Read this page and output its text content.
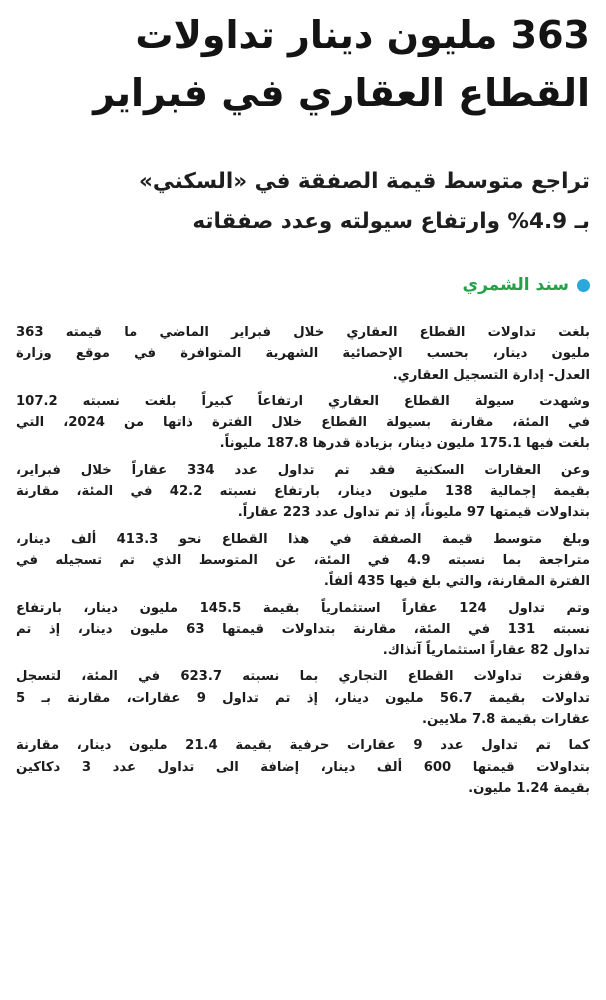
363 مليون دينار تداولات
القطاع العقاري في فبراير
تراجع متوسط قيمة الصفقة في «السكني»
بـ 4.9% وارتفاع سيولته وعدد صفقاته
سند الشمري
بلغت تداولات القطاع العقاري خلال فبراير الماضي ما قيمته 363
مليون دينار، بحسب الإحصائية الشهرية المتوافرة في موقع وزارة
العدل- إدارة التسجيل العقاري.
وشهدت سيولة القطاع العقاري ارتفاعاً كبيراً بلغت نسبته 107.2
في المئة، مقارنة بسيولة القطاع خلال الفترة ذاتها من 2024، التي
بلغت فيها 175.1 مليون دينار، بزيادة قدرها 187.8 مليوناً.
وعن العقارات السكنية فقد تم تداول عدد 334 عقاراً خلال فبراير،
بقيمة إجمالية 138 مليون دينار، بارتفاع نسبته 42.2 في المئة، مقارنة
بتداولات قيمتها 97 مليوناً، إذ تم تداول عدد 223 عقاراً.
وبلغ متوسط قيمة الصفقة في هذا القطاع نحو 413.3 ألف دينار،
متراجعة بما نسبته 4.9 في المئة، عن المتوسط الذي تم تسجيله في
الفترة المقارنة، والتي بلغ فيها 435 ألفاً.
وتم تداول 124 عقاراً استثمارياً بقيمة 145.5 مليون دينار، بارتفاع
نسبته 131 في المئة، مقارنة بتداولات قيمتها 63 مليون دينار، إذ تم
تداول 82 عقاراً استثمارياً آنذاك.
وقفزت تداولات القطاع التجاري بما نسبته 623.7 في المئة، لتسجل
تداولات بقيمة 56.7 مليون دينار، إذ تم تداول 9 عقارات، مقارنة بـ 5
عقارات بقيمة 7.8 ملايين.
كما تم تداول عدد 9 عقارات حرفية بقيمة 21.4 مليون دينار، مقارنة
بتداولات قيمتها 600 ألف دينار، إضافة الى تداول عدد 3 دكاكين
بقيمة 1.24 مليون.
